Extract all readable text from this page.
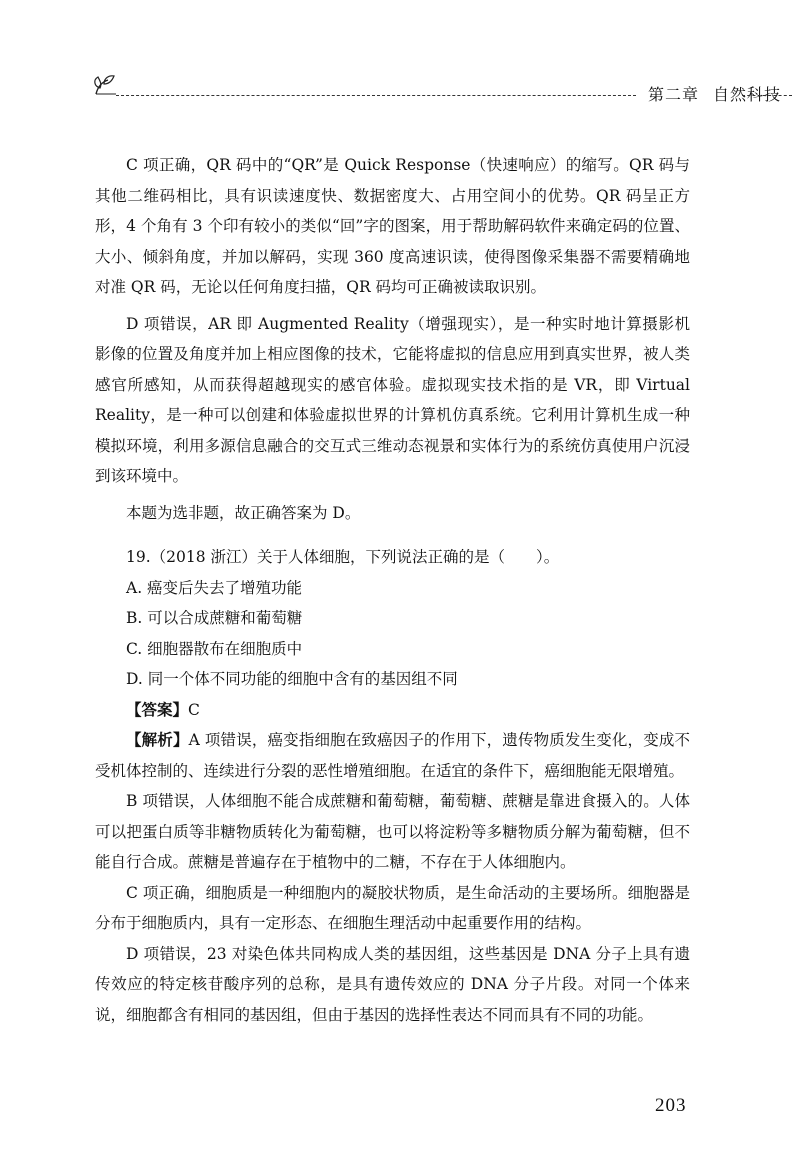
第二章 自然科技

C 项正确，QR 码中的“QR”是 Quick Response（快速响应）的缩写。QR 码与其他二维码相比，具有识读速度快、数据密度大、占用空间小的优势。QR 码呈正方形，4 个角有 3 个印有较小的类似“回”字的图案，用于帮助解码软件来确定码的位置、大小、倾斜角度，并加以解码，实现 360 度高速识读，使得图像采集器不需要精确地对准 QR 码，无论以任何角度扫描，QR 码均可正确被读取识别。

D 项错误，AR 即 Augmented Reality（增强现实），是一种实时地计算摄影机影像的位置及角度并加上相应图像的技术，它能将虚拟的信息应用到真实世界，被人类感官所感知，从而获得超越现实的感官体验。虚拟现实技术指的是 VR，即 Virtual Reality，是一种可以创建和体验虚拟世界的计算机仿真系统。它利用计算机生成一种模拟环境，利用多源信息融合的交互式三维动态视景和实体行为的系统仿真使用户沉浸到该环境中。

本题为选非题，故正确答案为 D。

19.（2018 浙江）关于人体细胞，下列说法正确的是（　　）。

A. 癌变后失去了增殖功能

B. 可以合成蔗糖和葡萄糖

C. 细胞器散布在细胞质中

D. 同一个体不同功能的细胞中含有的基因组不同

【答案】C

【解析】A 项错误，癌变指细胞在致癌因子的作用下，遗传物质发生变化，变成不受机体控制的、连续进行分裂的恶性增殖细胞。在适宜的条件下，癌细胞能无限增殖。

B 项错误，人体细胞不能合成蔗糖和葡萄糖，葡萄糖、蔗糖是靠进食摄入的。人体可以把蛋白质等非糖物质转化为葡萄糖，也可以将淀粉等多糖物质分解为葡萄糖，但不能自行合成。蔗糖是普遍存在于植物中的二糖，不存在于人体细胞内。

C 项正确，细胞质是一种细胞内的凝胶状物质，是生命活动的主要场所。细胞器是分布于细胞质内，具有一定形态、在细胞生理活动中起重要作用的结构。

D 项错误，23 对染色体共同构成人类的基因组，这些基因是 DNA 分子上具有遗传效应的特定核苷酸序列的总称，是具有遗传效应的 DNA 分子片段。对同一个体来说，细胞都含有相同的基因组，但由于基因的选择性表达不同而具有不同的功能。

203
